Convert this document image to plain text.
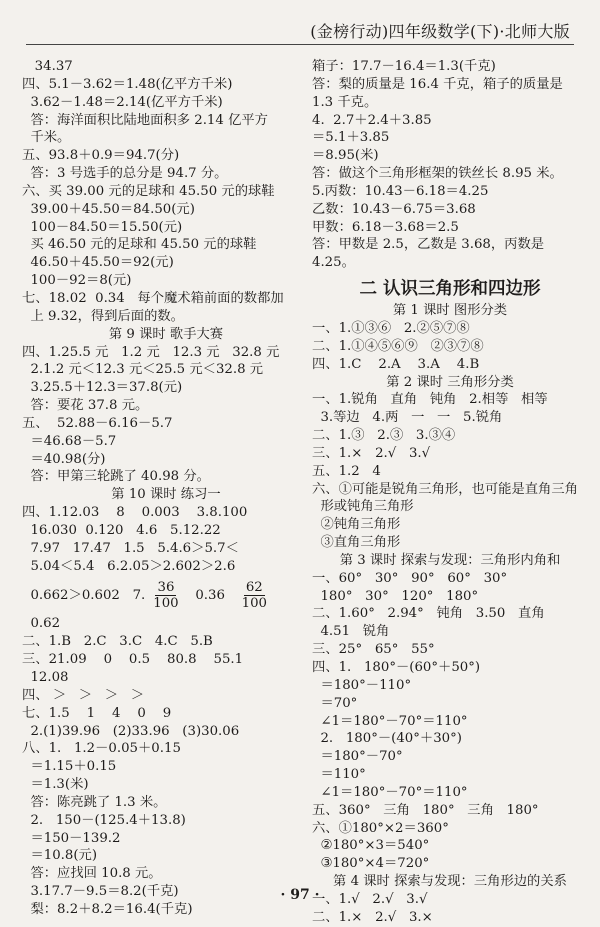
(金榜行动)四年级数学(下)·北师大版
34.37
四、5.1－3.62＝1.48(亿平方千米)
3.62－1.48＝2.14(亿平方千米)
答：海洋面积比陆地面积多 2.14 亿平方
千米。
五、93.8＋0.9＝94.7(分)
答：3 号选手的总分是 94.7 分。
六、买 39.00 元的足球和 45.50 元的球鞋
39.00＋45.50＝84.50(元)
100－84.50＝15.50(元)
买 46.50 元的足球和 45.50 元的球鞋
46.50＋45.50＝92(元)
100－92＝8(元)
七、18.02  0.34   每个魔术箱前面的数都加
上 9.32，得到后面的数。
第 9 课时 歌手大赛
四、1.25.5 元   1.2 元   12.3 元   32.8 元
2.1.2 元＜12.3 元＜25.5 元＜32.8 元
3.25.5＋12.3＝37.8(元)
答：要花 37.8 元。
五、  52.88－6.16－5.7
＝46.68－5.7
＝40.98(分)
答：甲第三轮跳了 40.98 分。
第 10 课时 练习一
四、1.12.03    8    0.003    3.8.100
16.030  0.120   4.6   5.12.22
7.97   17.47   1.5   5.4.6＞5.7＜
5.04＜5.4   6.2.05＞2.602＞2.6
0.662＞0.602   7. $\frac{36}{100} 0.36 \frac{62}{100}$
0.62
二、1.B   2.C   3.C   4.C   5.B
三、21.09    0    0.5    80.8    55.1
12.08
四、 ＞   ＞   ＞   ＞
七、1.5    1    4    0    9
2.(1)39.96   (2)33.96   (3)30.06
八、1.   1.2－0.05＋0.15
＝1.15＋0.15
＝1.3(米)
答：陈亮跳了 1.3 米。
2.   150－(125.4＋13.8)
＝150－139.2
＝10.8(元)
答：应找回 10.8 元。
3.17.7－9.5＝8.2(千克)
梨：8.2＋8.2＝16.4(千克)
箱子：17.7－16.4＝1.3(千克)
答：梨的质量是 16.4 千克，箱子的质量是
1.3 千克。
4.  2.7＋2.4＋3.85
＝5.1＋3.85
＝8.95(米)
答：做这个三角形框架的铁丝长 8.95 米。
5.丙数：10.43－6.18＝4.25
乙数：10.43－6.75＝3.68
甲数：6.18－3.68＝2.5
答：甲数是 2.5，乙数是 3.68，丙数是
4.25。
二 认识三角形和四边形
第 1 课时 图形分类
一、1.①③⑥   2.②⑤⑦⑧
二、1.①④⑤⑥⑨   ②③⑦⑧
四、1.C    2.A    3.A    4.B
第 2 课时 三角形分类
一、1.锐角   直角   钝角   2.相等   相等
3.等边   4.两   一   一   5.锐角
二、1.③   2.③   3.③④
三、1.×   2.√   3.√
五、1.2   4
六、①可能是锐角三角形，也可能是直角三角
形或钝角三角形
②钝角三角形
③直角三角形
第 3 课时 探索与发现：三角形内角和
一、60°   30°   90°   60°   30°
180°   30°   120°   180°
二、1.60°   2.94°   钝角   3.50   直角
4.51   锐角
三、25°   65°   55°
四、1.   180°－(60°＋50°)
＝180°－110°
＝70°
∠1＝180°－70°＝110°
2.   180°－(40°＋30°)
＝180°－70°
＝110°
∠1＝180°－70°＝110°
五、360°   三角   180°   三角   180°
六、①180°×2＝360°
②180°×3＝540°
③180°×4＝720°
第 4 课时 探索与发现：三角形边的关系
一、1.√   2.√   3.√
二、1.×   2.√   3.×
· 97 ·
